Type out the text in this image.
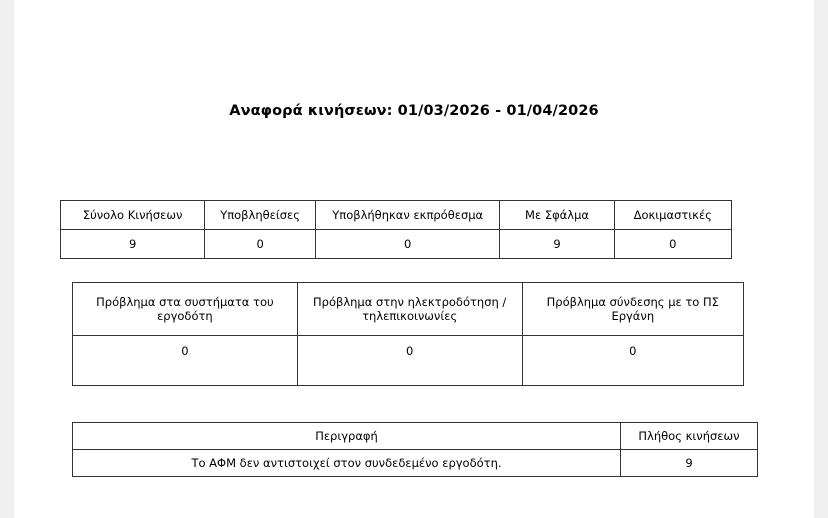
Αναφορά κινήσεων: 01/03/2026 - 01/04/2026
Σύνολο Κινήσεων	Υποβληθείσες	Υποβλήθηκαν εκπρόθεσμα	Με Σφάλμα	Δοκιμαστικές
9	0	0	9	0
Πρόβλημα στα συστήματα του εργοδότη	Πρόβλημα στην ηλεκτροδότηση / τηλεπικοινωνίες	Πρόβλημα σύνδεσης με το ΠΣ Εργάνη
0	0	0
Περιγραφή	Πλήθος κινήσεων
Το ΑΦΜ δεν αντιστοιχεί στον συνδεδεμένο εργοδότη.	9
